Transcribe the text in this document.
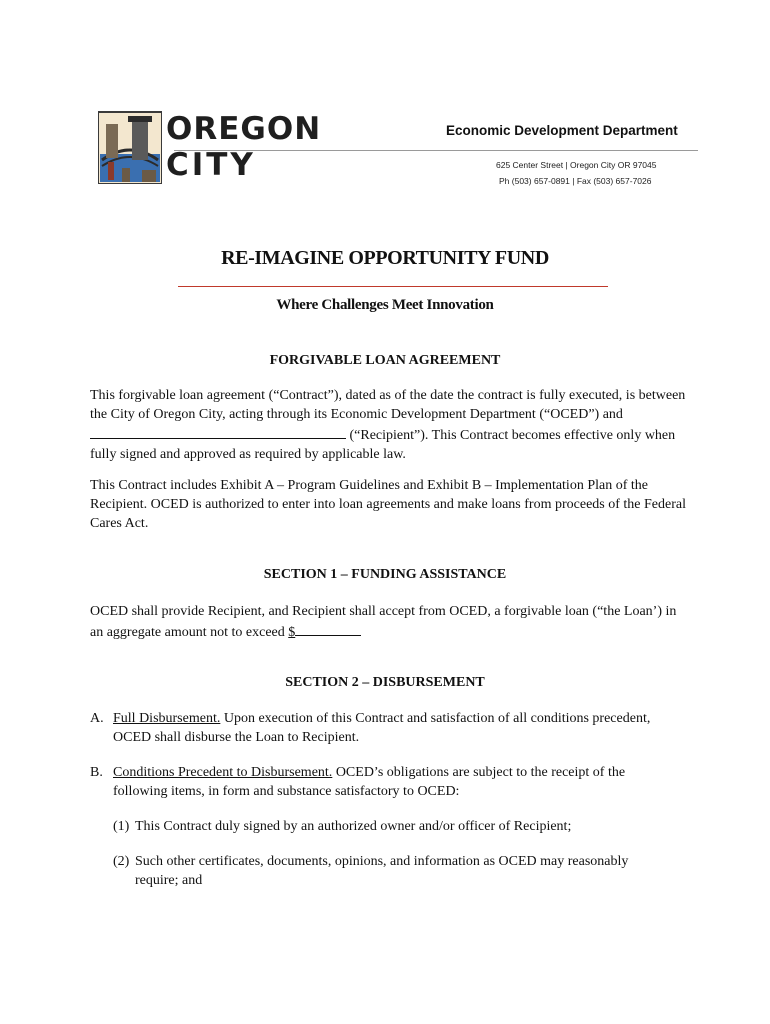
OREGON
CITY
Economic Development Department
625 Center Street | Oregon City OR 97045
Ph (503) 657-0891 | Fax (503) 657-7026
RE-IMAGINE OPPORTUNITY FUND
Where Challenges Meet Innovation
FORGIVABLE LOAN AGREEMENT
This forgivable loan agreement (“Contract”), dated as of the date the contract is fully executed, is between the City of Oregon City, acting through its Economic Development Department (“OCED”) and  (“Recipient”). This Contract becomes effective only when fully signed and approved as required by applicable law.
This Contract includes Exhibit A – Program Guidelines and Exhibit B – Implementation Plan of the Recipient. OCED is authorized to enter into loan agreements and make loans from proceeds of the Federal Cares Act.
SECTION 1 – FUNDING ASSISTANCE
OCED shall provide Recipient, and Recipient shall accept from OCED, a forgivable loan (“the Loan’) in an aggregate amount not to exceed $
SECTION 2 – DISBURSEMENT
A. Full Disbursement. Upon execution of this Contract and satisfaction of all conditions precedent, OCED shall disburse the Loan to Recipient.
B. Conditions Precedent to Disbursement. OCED’s obligations are subject to the receipt of the following items, in form and substance satisfactory to OCED:
(1) This Contract duly signed by an authorized owner and/or officer of Recipient;
(2) Such other certificates, documents, opinions, and information as OCED may reasonably require; and
